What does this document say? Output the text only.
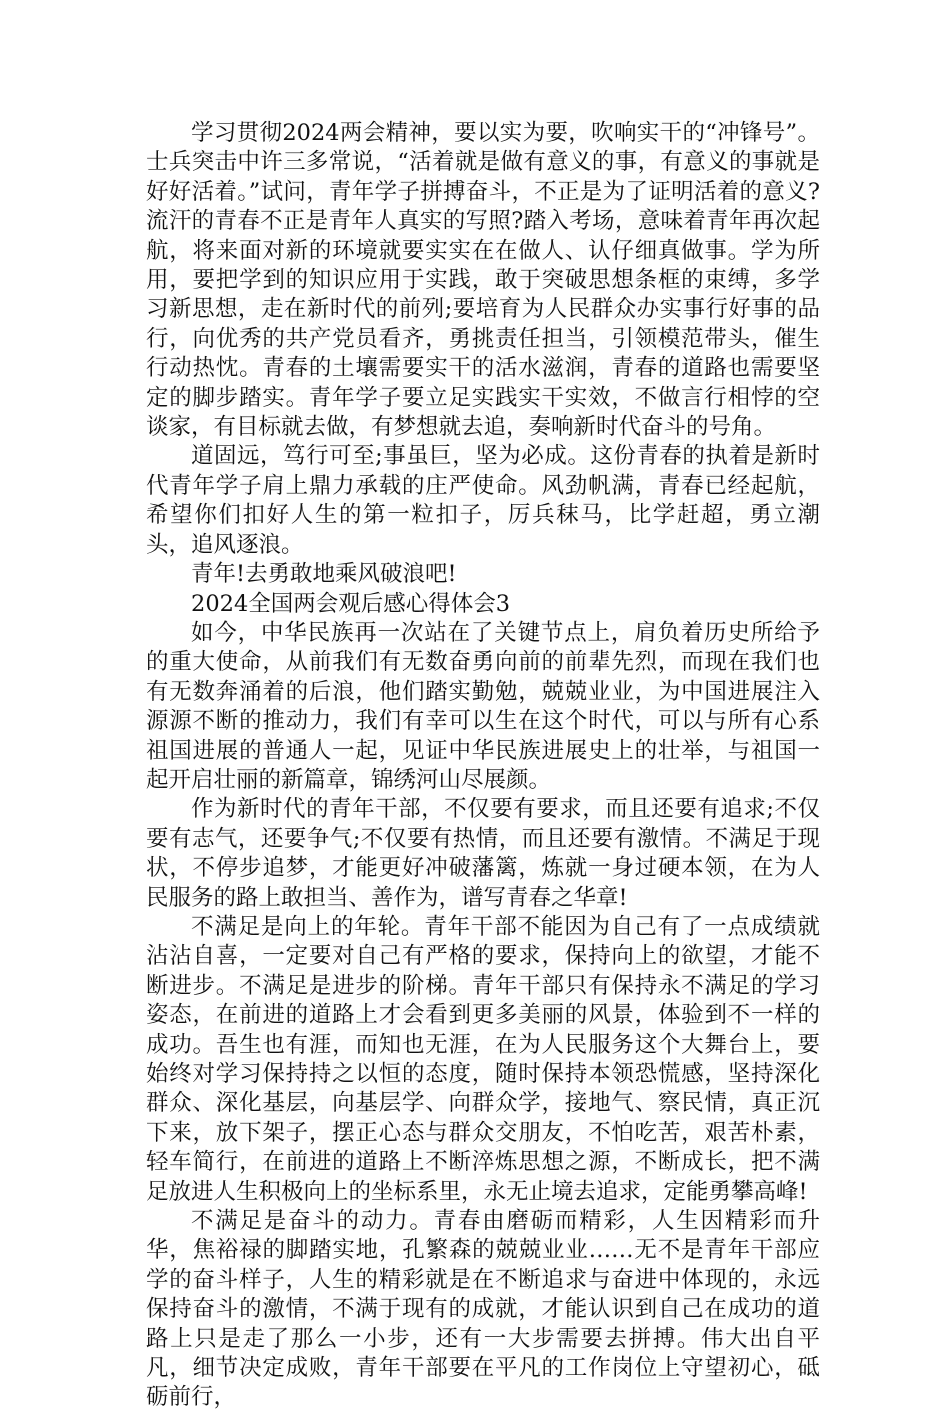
学习贯彻2024两会精神，要以实为要，吹响实干的“冲锋号”。士兵突击中许三多常说，“活着就是做有意义的事，有意义的事就是好好活着。”试问，青年学子拼搏奋斗，不正是为了证明活着的意义?流汗的青春不正是青年人真实的写照?踏入考场，意味着青年再次起航，将来面对新的环境就要实实在在做人、认仔细真做事。学为所用，要把学到的知识应用于实践，敢于突破思想条框的束缚，多学习新思想，走在新时代的前列;要培育为人民群众办实事行好事的品行，向优秀的共产党员看齐，勇挑责任担当，引领模范带头，催生行动热忱。青春的土壤需要实干的活水滋润，青春的道路也需要坚定的脚步踏实。青年学子要立足实践实干实效，不做言行相悖的空谈家，有目标就去做，有梦想就去追，奏响新时代奋斗的号角。

道固远，笃行可至;事虽巨，坚为必成。这份青春的执着是新时代青年学子肩上鼎力承载的庄严使命。风劲帆满，青春已经起航，希望你们扣好人生的第一粒扣子，厉兵秣马，比学赶超，勇立潮头，追风逐浪。

青年!去勇敢地乘风破浪吧!

2024全国两会观后感心得体会3

如今，中华民族再一次站在了关键节点上，肩负着历史所给予的重大使命，从前我们有无数奋勇向前的前辈先烈，而现在我们也有无数奔涌着的后浪，他们踏实勤勉，兢兢业业，为中国进展注入源源不断的推动力，我们有幸可以生在这个时代，可以与所有心系祖国进展的普通人一起，见证中华民族进展史上的壮举，与祖国一起开启壮丽的新篇章，锦绣河山尽展颜。

作为新时代的青年干部，不仅要有要求，而且还要有追求;不仅要有志气，还要争气;不仅要有热情，而且还要有激情。不满足于现状，不停步追梦，才能更好冲破藩篱，炼就一身过硬本领，在为人民服务的路上敢担当、善作为，谱写青春之华章!

不满足是向上的年轮。青年干部不能因为自己有了一点成绩就沾沾自喜，一定要对自己有严格的要求，保持向上的欲望，才能不断进步。不满足是进步的阶梯。青年干部只有保持永不满足的学习姿态，在前进的道路上才会看到更多美丽的风景，体验到不一样的成功。吾生也有涯，而知也无涯，在为人民服务这个大舞台上，要始终对学习保持持之以恒的态度，随时保持本领恐慌感，坚持深化群众、深化基层，向基层学、向群众学，接地气、察民情，真正沉下来，放下架子，摆正心态与群众交朋友，不怕吃苦，艰苦朴素，轻车简行，在前进的道路上不断淬炼思想之源，不断成长，把不满足放进人生积极向上的坐标系里，永无止境去追求，定能勇攀高峰!

不满足是奋斗的动力。青春由磨砺而精彩，人生因精彩而升华，焦裕禄的脚踏实地，孔繁森的兢兢业业……无不是青年干部应学的奋斗样子，人生的精彩就是在不断追求与奋进中体现的，永远保持奋斗的激情，不满于现有的成就，才能认识到自己在成功的道路上只是走了那么一小步，还有一大步需要去拼搏。伟大出自平凡，细节决定成败，青年干部要在平凡的工作岗位上守望初心，砥砺前行，
